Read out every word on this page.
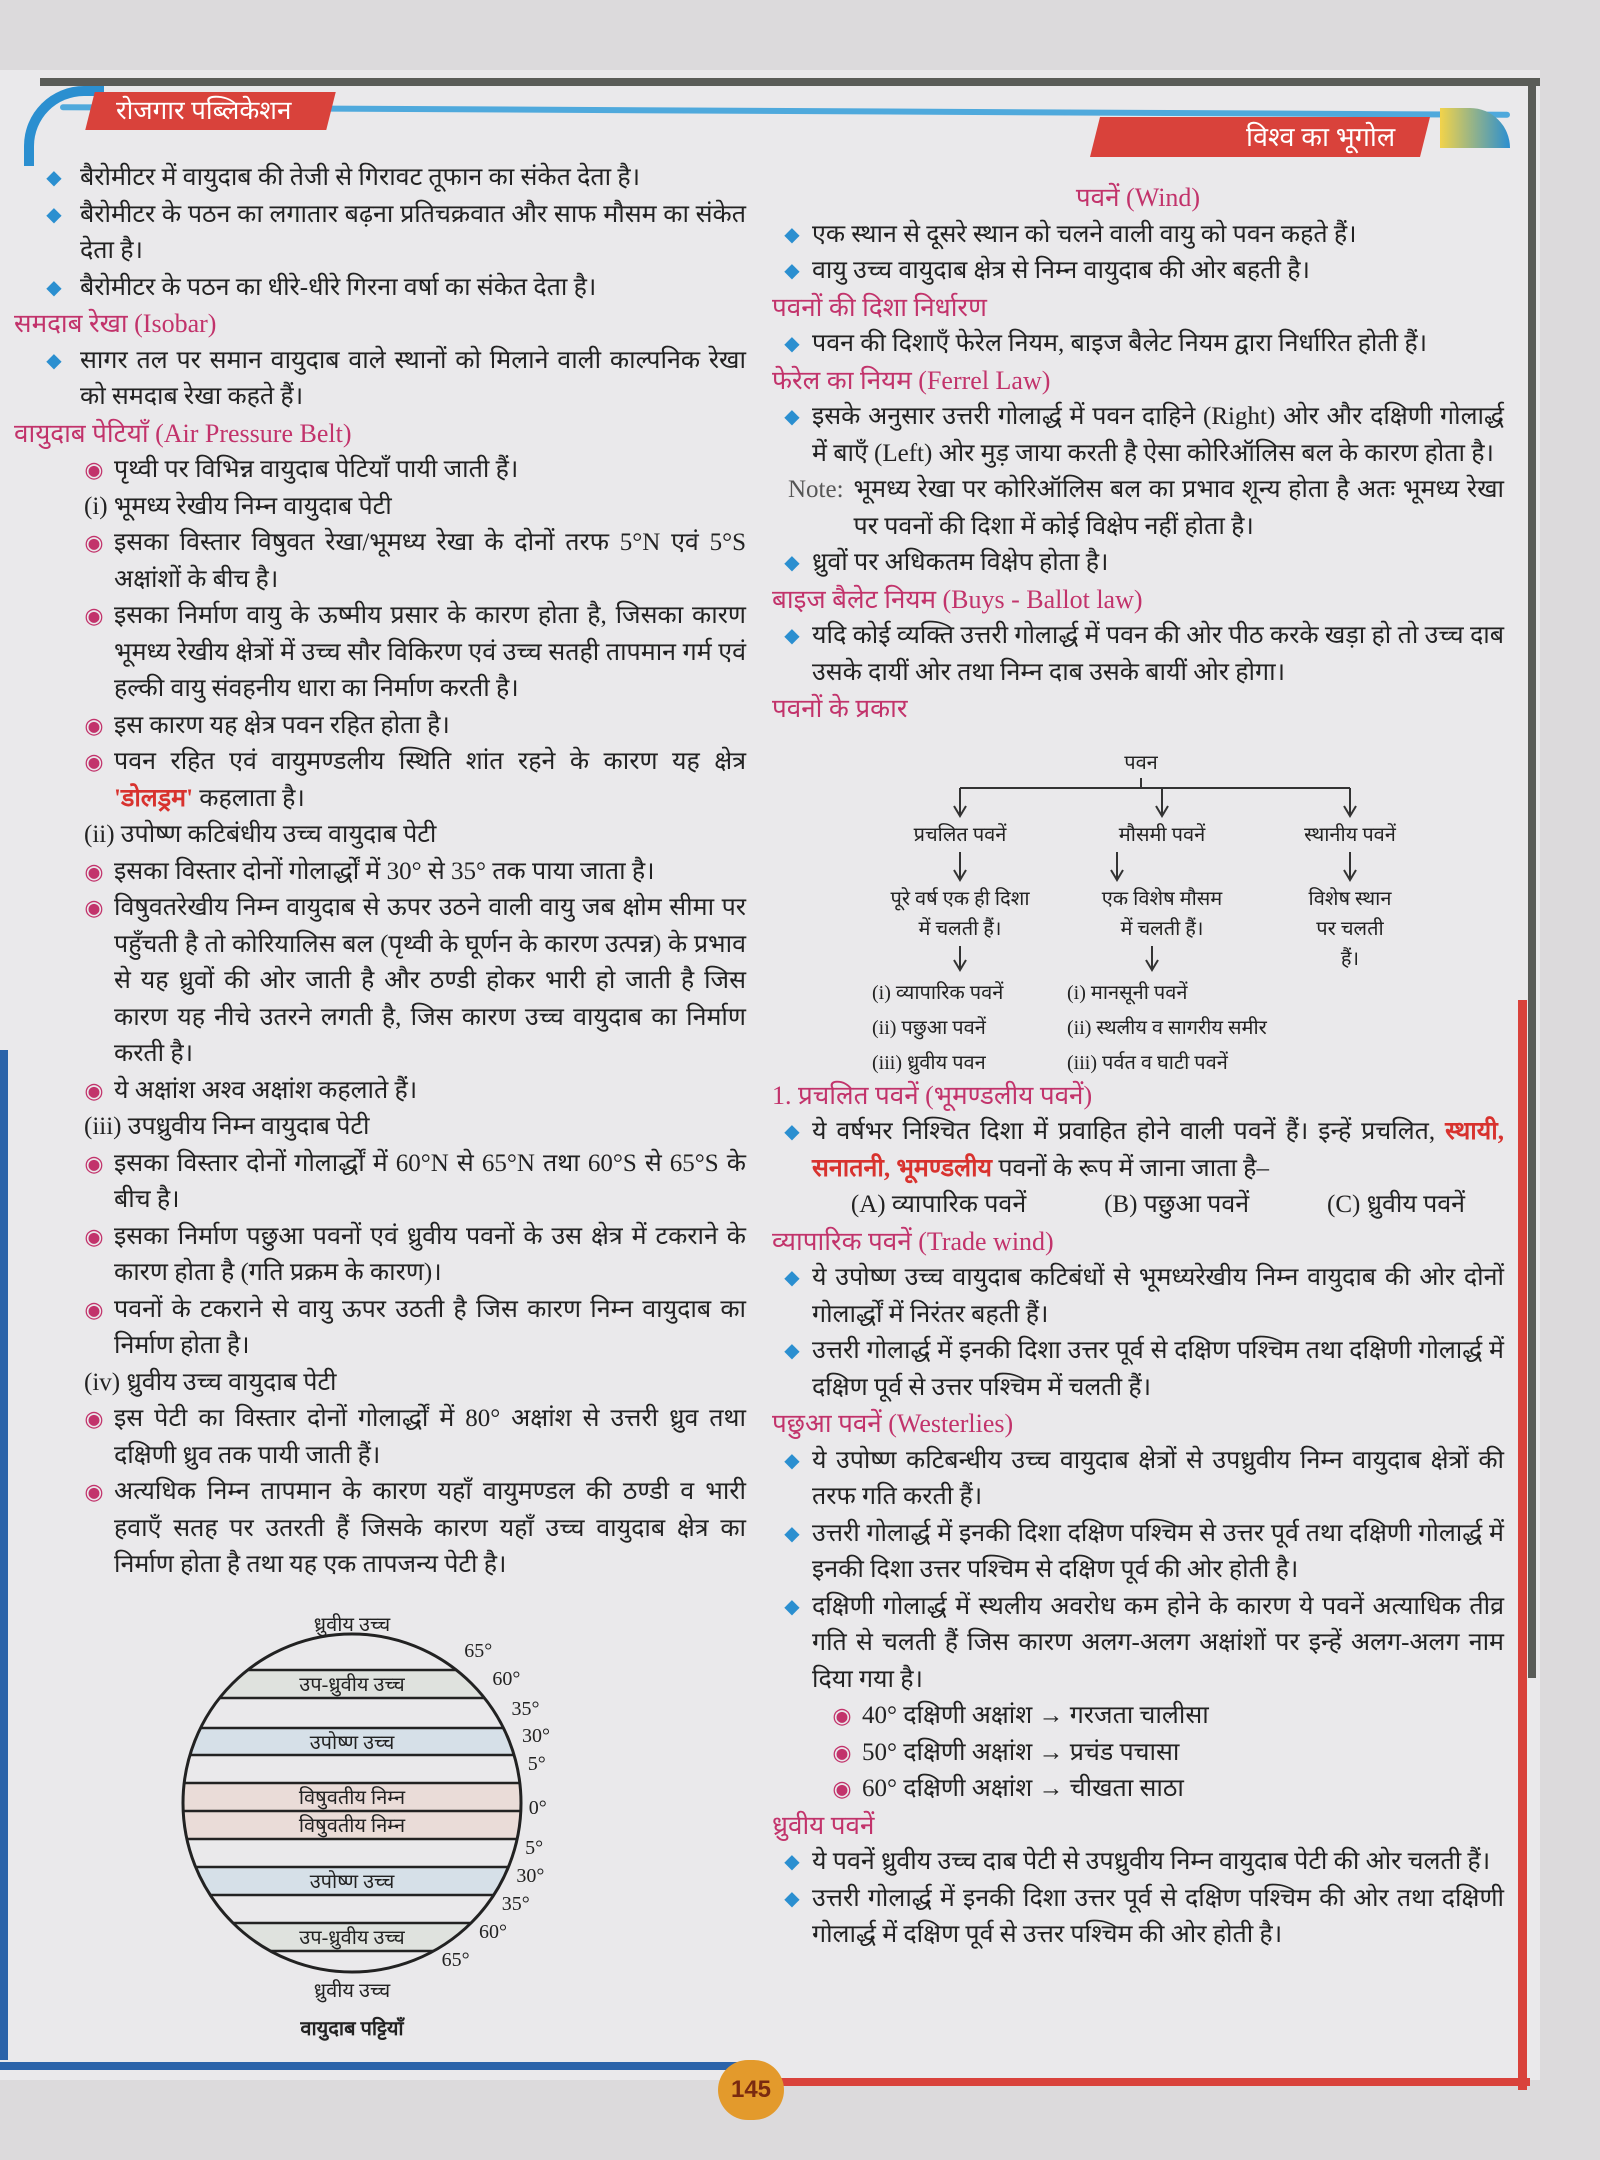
रोजगार पब्लिकेशन
विश्व का भूगोल
◆ बैरोमीटर में वायुदाब की तेजी से गिरावट तूफान का संकेत देता है।
◆ बैरोमीटर के पठन का लगातार बढ़ना प्रतिचक्रवात और साफ मौसम का संकेत देता है।
◆ बैरोमीटर के पठन का धीरे-धीरे गिरना वर्षा का संकेत देता है।
समदाब रेखा (Isobar)
◆ सागर तल पर समान वायुदाब वाले स्थानों को मिलाने वाली काल्पनिक रेखा को समदाब रेखा कहते हैं।
वायुदाब पेटियाँ (Air Pressure Belt)
◉ पृथ्वी पर विभिन्न वायुदाब पेटियाँ पायी जाती हैं।
(i) भूमध्य रेखीय निम्न वायुदाब पेटी
◉ इसका विस्तार विषुवत रेखा/भूमध्य रेखा के दोनों तरफ 5°N एवं 5°S अक्षांशों के बीच है।
◉ इसका निर्माण वायु के ऊष्मीय प्रसार के कारण होता है, जिसका कारण भूमध्य रेखीय क्षेत्रों में उच्च सौर विकिरण एवं उच्च सतही तापमान गर्म एवं हल्की वायु संवहनीय धारा का निर्माण करती है।
◉ इस कारण यह क्षेत्र पवन रहित होता है।
◉ पवन रहित एवं वायुमण्डलीय स्थिति शांत रहने के कारण यह क्षेत्र 'डोलड्रम' कहलाता है।
(ii) उपोष्ण कटिबंधीय उच्च वायुदाब पेटी
◉ इसका विस्तार दोनों गोलार्द्धों में 30° से 35° तक पाया जाता है।
◉ विषुवतरेखीय निम्न वायुदाब से ऊपर उठने वाली वायु जब क्षोम सीमा पर पहुँचती है तो कोरियालिस बल (पृथ्वी के घूर्णन के कारण उत्पन्न) के प्रभाव से यह ध्रुवों की ओर जाती है और ठण्डी होकर भारी हो जाती है जिस कारण यह नीचे उतरने लगती है, जिस कारण उच्च वायुदाब का निर्माण करती है।
◉ ये अक्षांश अश्व अक्षांश कहलाते हैं।
(iii) उपध्रुवीय निम्न वायुदाब पेटी
◉ इसका विस्तार दोनों गोलार्द्धों में 60°N से 65°N तथा 60°S से 65°S के बीच है।
◉ इसका निर्माण पछुआ पवनों एवं ध्रुवीय पवनों के उस क्षेत्र में टकराने के कारण होता है (गति प्रक्रम के कारण)।
◉ पवनों के टकराने से वायु ऊपर उठती है जिस कारण निम्न वायुदाब का निर्माण होता है।
(iv) ध्रुवीय उच्च वायुदाब पेटी
◉ इस पेटी का विस्तार दोनों गोलार्द्धों में 80° अक्षांश से उत्तरी ध्रुव तथा दक्षिणी ध्रुव तक पायी जाती हैं।
◉ अत्यधिक निम्न तापमान के कारण यहाँ वायुमण्डल की ठण्डी व भारी हवाएँ सतह पर उतरती हैं जिसके कारण यहाँ उच्च वायुदाब क्षेत्र का निर्माण होता है तथा यह एक तापजन्य पेटी है।
65°
60°
35°
30°
5°
0°
5°
30°
35°
60°
65°
उप-ध्रुवीय उच्च
उपोष्ण उच्च
विषुवतीय निम्न
विषुवतीय निम्न
उपोष्ण उच्च
उप-ध्रुवीय उच्च
ध्रुवीय उच्च
ध्रुवीय उच्च
वायुदाब पट्टियाँ
पवनें (Wind)
◆ एक स्थान से दूसरे स्थान को चलने वाली वायु को पवन कहते हैं।
◆ वायु उच्च वायुदाब क्षेत्र से निम्न वायुदाब की ओर बहती है।
पवनों की दिशा निर्धारण
◆ पवन की दिशाएँ फेरेल नियम, बाइज बैलेट नियम द्वारा निर्धारित होती हैं।
फेरेल का नियम (Ferrel Law)
◆ इसके अनुसार उत्तरी गोलार्द्ध में पवन दाहिने (Right) ओर और दक्षिणी गोलार्द्ध में बाएँ (Left) ओर मुड़ जाया करती है ऐसा कोरिऑलिस बल के कारण होता है।
Note: भूमध्य रेखा पर कोरिऑलिस बल का प्रभाव शून्य होता है अतः भूमध्य रेखा पर पवनों की दिशा में कोई विक्षेप नहीं होता है।
◆ ध्रुवों पर अधिकतम विक्षेप होता है।
बाइज बैलेट नियम (Buys - Ballot law)
◆ यदि कोई व्यक्ति उत्तरी गोलार्द्ध में पवन की ओर पीठ करके खड़ा हो तो उच्च दाब उसके दायीं ओर तथा निम्न दाब उसके बायीं ओर होगा।
पवनों के प्रकार
पवन
प्रचलित पवनें
पूरे वर्ष एक ही दिशा
में चलती हैं।
(i) व्यापारिक पवनें
(ii) पछुआ पवनें
(iii) ध्रुवीय पवन
मौसमी पवनें
एक विशेष मौसम
में चलती हैं।
(i) मानसूनी पवनें
(ii) स्थलीय व सागरीय समीर
(iii) पर्वत व घाटी पवनें
स्थानीय पवनें
विशेष स्थान
पर चलती
हैं।
1. प्रचलित पवनें (भूमण्डलीय पवनें)
◆ ये वर्षभर निश्चित दिशा में प्रवाहित होने वाली पवनें हैं। इन्हें प्रचलित, स्थायी, सनातनी, भूमण्डलीय पवनों के रूप में जाना जाता है–
(A) व्यापारिक पवनें	(B) पछुआ पवनें	(C) ध्रुवीय पवनें
व्यापारिक पवनें (Trade wind)
◆ ये उपोष्ण उच्च वायुदाब कटिबंधों से भूमध्यरेखीय निम्न वायुदाब की ओर दोनों गोलार्द्धों में निरंतर बहती हैं।
◆ उत्तरी गोलार्द्ध में इनकी दिशा उत्तर पूर्व से दक्षिण पश्चिम तथा दक्षिणी गोलार्द्ध में दक्षिण पूर्व से उत्तर पश्चिम में चलती हैं।
पछुआ पवनें (Westerlies)
◆ ये उपोष्ण कटिबन्धीय उच्च वायुदाब क्षेत्रों से उपध्रुवीय निम्न वायुदाब क्षेत्रों की तरफ गति करती हैं।
◆ उत्तरी गोलार्द्ध में इनकी दिशा दक्षिण पश्चिम से उत्तर पूर्व तथा दक्षिणी गोलार्द्ध में इनकी दिशा उत्तर पश्चिम से दक्षिण पूर्व की ओर होती है।
◆ दक्षिणी गोलार्द्ध में स्थलीय अवरोध कम होने के कारण ये पवनें अत्याधिक तीव्र गति से चलती हैं जिस कारण अलग-अलग अक्षांशों पर इन्हें अलग-अलग नाम दिया गया है।
◉ 40° दक्षिणी अक्षांश → गरजता चालीसा
◉ 50° दक्षिणी अक्षांश → प्रचंड पचासा
◉ 60° दक्षिणी अक्षांश → चीखता साठा
ध्रुवीय पवनें
◆ ये पवनें ध्रुवीय उच्च दाब पेटी से उपध्रुवीय निम्न वायुदाब पेटी की ओर चलती हैं।
◆ उत्तरी गोलार्द्ध में इनकी दिशा उत्तर पूर्व से दक्षिण पश्चिम की ओर तथा दक्षिणी गोलार्द्ध में दक्षिण पूर्व से उत्तर पश्चिम की ओर होती है।
145
